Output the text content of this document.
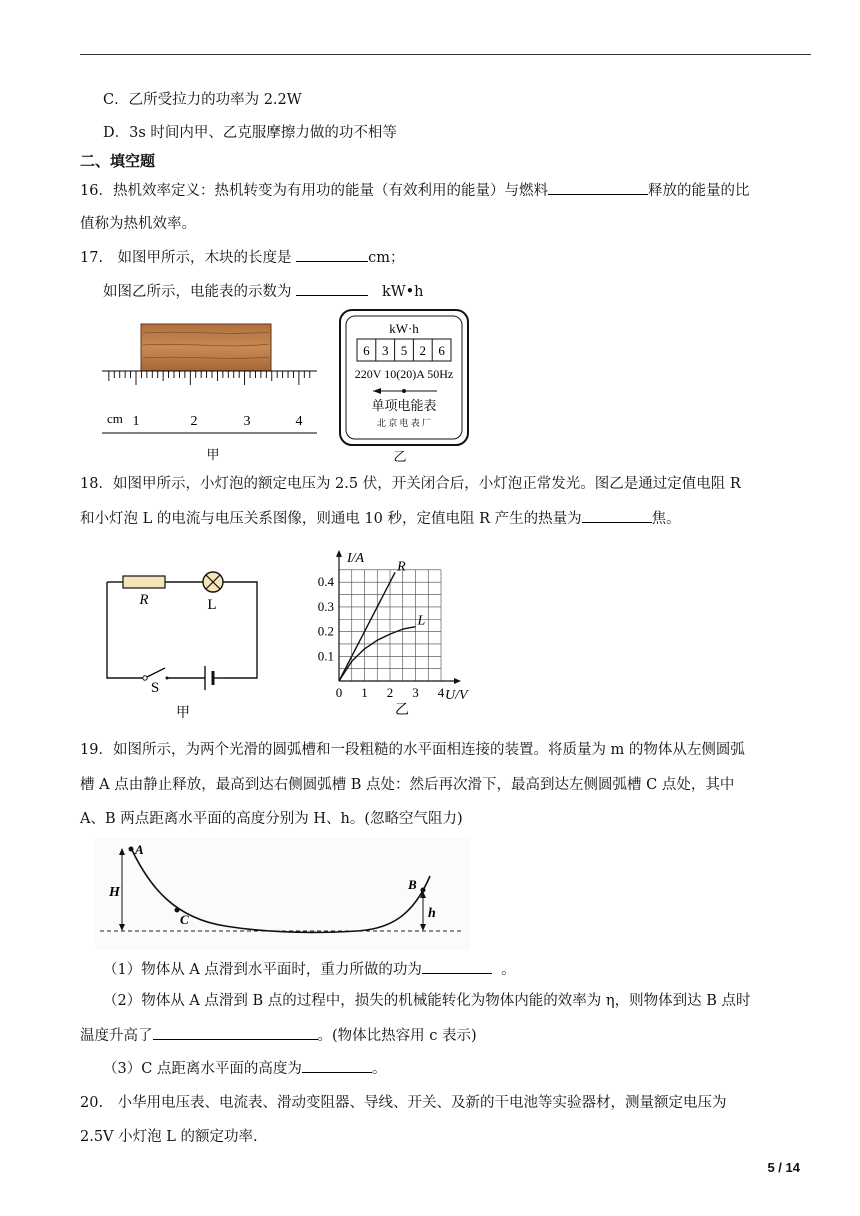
C．乙所受拉力的功率为 2.2W
D．3s 时间内甲、乙克服摩擦力做的功不相等
二、填空题
16．热机效率定义：热机转变为有用功的能量（有效利用的能量）与燃料	释放的能量的比
值称为热机效率。
17.　如图甲所示，木块的长度是	cm；
如图乙所示，电能表的示数为	kW•h
cm 1	2	3	4
甲
kW·h
6 3 5 2 6
220V 10(20)A 50Hz
单项电能表
北 京 电 表 厂
乙
18．如图甲所示，小灯泡的额定电压为 2.5 伏，开关闭合后，小灯泡正常发光。图乙是通过定值电阻 R
和小灯泡 L 的电流与电压关系图像，则通电 10 秒，定值电阻 R 产生的热量为	焦。
R	L
S
甲
I/A
U/V
0 1 2 3 4
0.1
0.2
0.3
0.4
R
L
乙
19．如图所示，为两个光滑的圆弧槽和一段粗糙的水平面相连接的装置。将质量为 m 的物体从左侧圆弧
槽 A 点由静止释放，最高到达右侧圆弧槽 B 点处：然后再次滑下，最高到达左侧圆弧槽 C 点处，其中
A、B 两点距离水平面的高度分别为 H、h。(忽略空气阻力)
A
C
B
H
h
（1）物体从 A 点滑到水平面时，重力所做的功为	。
（2）物体从 A 点滑到 B 点的过程中，损失的机械能转化为物体内能的效率为 η，则物体到达 B 点时
温度升高了	。(物体比热容用 c 表示)
（3）C 点距离水平面的高度为	。
20.　小华用电压表、电流表、滑动变阻器、导线、开关、及新的干电池等实验器材，测量额定电压为
2.5V 小灯泡 L 的额定功率.
5 / 14
